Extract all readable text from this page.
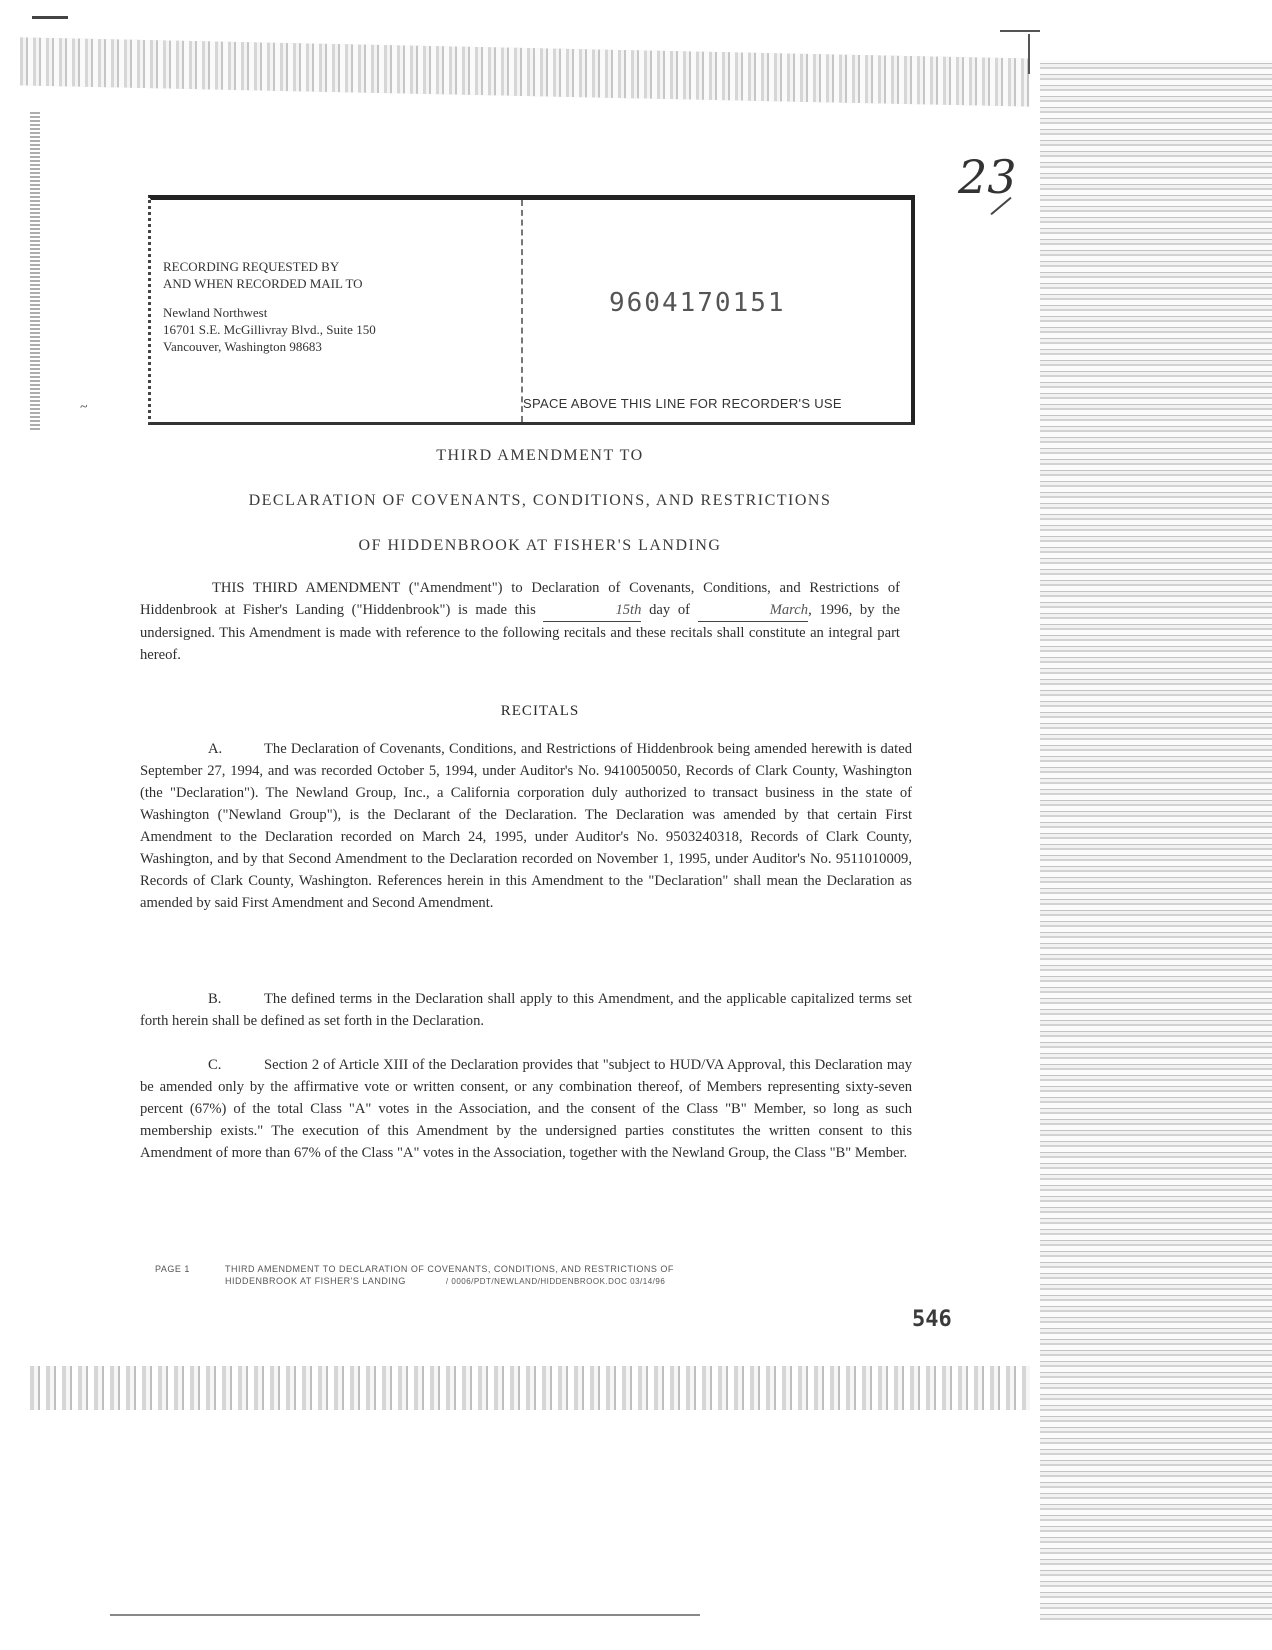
RECORDING REQUESTED BY
AND WHEN RECORDED MAIL TO
Newland Northwest
16701 S.E. McGillivray Blvd., Suite 150
Vancouver, Washington 98683
9604170151
SPACE ABOVE THIS LINE FOR RECORDER'S USE
23
~
THIRD AMENDMENT TO
DECLARATION OF COVENANTS, CONDITIONS, AND RESTRICTIONS
OF HIDDENBROOK AT FISHER'S LANDING
THIS THIRD AMENDMENT ("Amendment") to Declaration of Covenants, Conditions, and Restrictions of Hiddenbrook at Fisher's Landing ("Hiddenbrook") is made this	15th day of	March, 1996, by the undersigned. This Amendment is made with reference to the following recitals and these recitals shall constitute an integral part hereof.
RECITALS
A.	The Declaration of Covenants, Conditions, and Restrictions of Hiddenbrook being amended herewith is dated September 27, 1994, and was recorded October 5, 1994, under Auditor's No. 9410050050, Records of Clark County, Washington (the "Declaration"). The Newland Group, Inc., a California corporation duly authorized to transact business in the state of Washington ("Newland Group"), is the Declarant of the Declaration. The Declaration was amended by that certain First Amendment to the Declaration recorded on March 24, 1995, under Auditor's No. 9503240318, Records of Clark County, Washington, and by that Second Amendment to the Declaration recorded on November 1, 1995, under Auditor's No. 9511010009, Records of Clark County, Washington. References herein in this Amendment to the "Declaration" shall mean the Declaration as amended by said First Amendment and Second Amendment.
B.	The defined terms in the Declaration shall apply to this Amendment, and the applicable capitalized terms set forth herein shall be defined as set forth in the Declaration.
C.	Section 2 of Article XIII of the Declaration provides that "subject to HUD/VA Approval, this Declaration may be amended only by the affirmative vote or written consent, or any combination thereof, of Members representing sixty-seven percent (67%) of the total Class "A" votes in the Association, and the consent of the Class "B" Member, so long as such membership exists." The execution of this Amendment by the undersigned parties constitutes the written consent to this Amendment of more than 67% of the Class "A" votes in the Association, together with the Newland Group, the Class "B" Member.
PAGE 1	THIRD AMENDMENT TO DECLARATION OF COVENANTS, CONDITIONS, AND RESTRICTIONS OF
HIDDENBROOK AT FISHER'S LANDING	/ 0006/PDT/NEWLAND/HIDDENBROOK.DOC 03/14/96
546
